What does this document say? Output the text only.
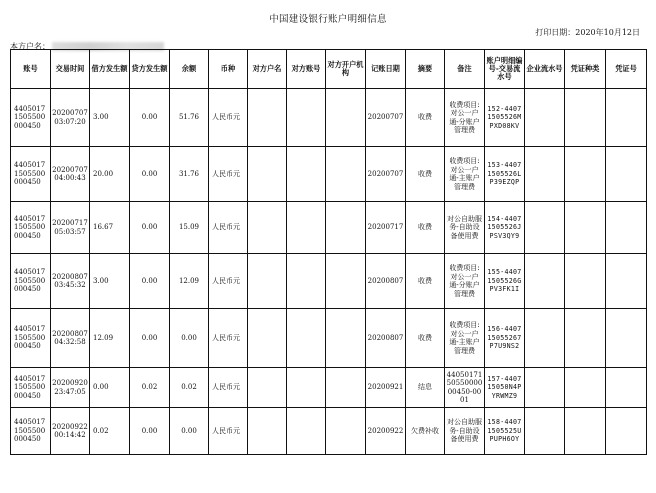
中国建设银行账户明细信息
打印日期：2020年10月12日
本方户名：
账号	交易时间	借方发生额	贷方发生额	余额	币种	对方户名	对方账号	对方开户机构	记账日期	摘要	备注	账户明细编号-交易流水号	企业流水号	凭证种类	凭证号
44050171505500000450	20200707 03:07:20	3.00	0.00	51.76	人民币元				20200707	收费	收费项目:对公一户通-分账户管理费	152-44071505526MPXD08KV			
44050171505500000450	20200707 04:00:43	20.00	0.00	31.76	人民币元				20200707	收费	收费项目:对公一户通-主账户管理费	153-44071505526LP39EZQP			
44050171505500000450	20200717 05:03:57	16.67	0.00	15.09	人民币元				20200717	收费	对公自助服务-自助设备使用费	154-44071505526JPSV3QY9			
44050171505500000450	20200807 03:45:32	3.00	0.00	12.09	人民币元				20200807	收费	收费项目:对公一户通-分账户管理费	155-44071505526GPV3FK1I			
44050171505500000450	20200807 04:32:58	12.09	0.00	0.00	人民币元				20200807	收费	收费项目:对公一户通-主账户管理费	156-440715055267P7U9NS2			
44050171505500000450	20200920 23:47:05	0.00	0.02	0.02	人民币元				20200921	结息	440501715055000000450-0001	157-440715050N4PYRWMZ9			
44050171505500000450	20200922 00:14:42	0.02	0.00	0.00	人民币元				20200922	欠费补收	对公自助服务-自助设备使用费	158-44071505525UPUPH6OY			
